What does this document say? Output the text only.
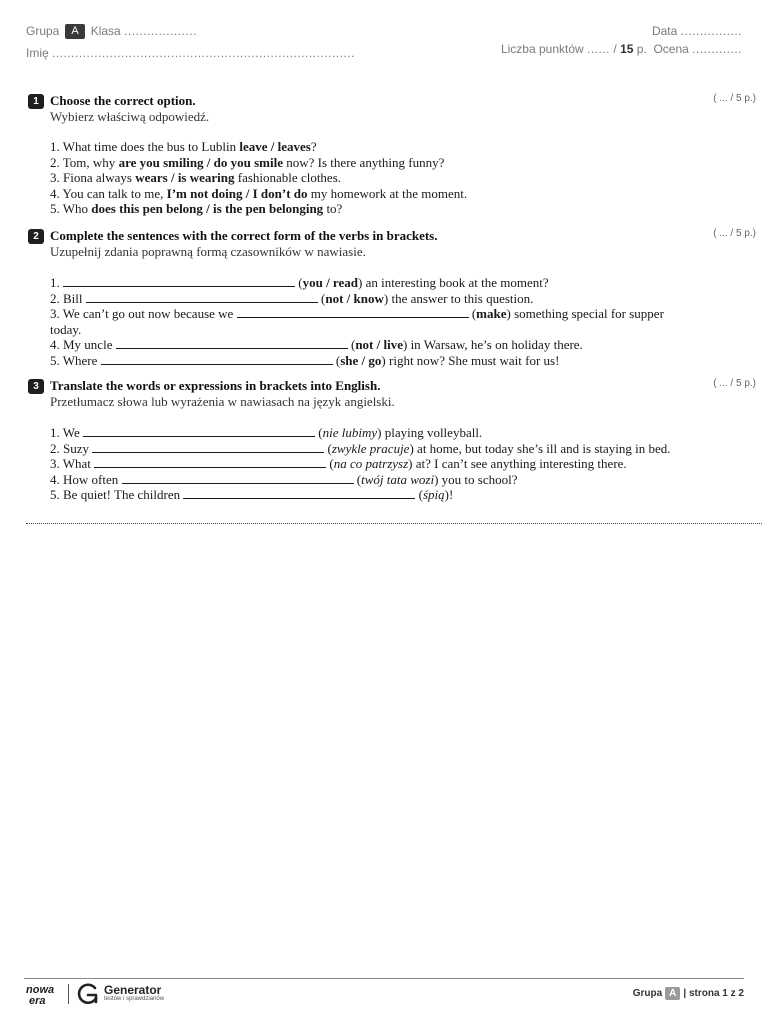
Grupa A Klasa ...................
Imię ...............................................................................
Data ................
Liczba punktów ...... / 15 p. Ocena .............
1 Choose the correct option.
Wybierz właściwą odpowiedź.
( ... / 5 p.)
1. What time does the bus to Lublin leave / leaves?
2. Tom, why are you smiling / do you smile now? Is there anything funny?
3. Fiona always wears / is wearing fashionable clothes.
4. You can talk to me, I’m not doing / I don’t do my homework at the moment.
5. Who does this pen belong / is the pen belonging to?
2 Complete the sentences with the correct form of the verbs in brackets.
Uzupełnij zdania poprawną formą czasowników w nawiasie.
( ... / 5 p.)
1.	(you / read) an interesting book at the moment?
2. Bill	(not / know) the answer to this question.
3. We can’t go out now because we	(make) something special for supper today.
4. My uncle	(not / live) in Warsaw, he’s on holiday there.
5. Where	(she / go) right now? She must wait for us!
3 Translate the words or expressions in brackets into English.
Przetłumacz słowa lub wyrażenia w nawiasach na język angielski.
( ... / 5 p.)
1. We	(nie lubimy) playing volleyball.
2. Suzy	(zwykle pracuje) at home, but today she’s ill and is staying in bed.
3. What	(na co patrzysz) at? I can’t see anything interesting there.
4. How often	(twój tata wozi) you to school?
5. Be quiet! The children	(śpią)!
nowa
era
Generator
testów i sprawdzianów	Grupa A | strona 1 z 2
